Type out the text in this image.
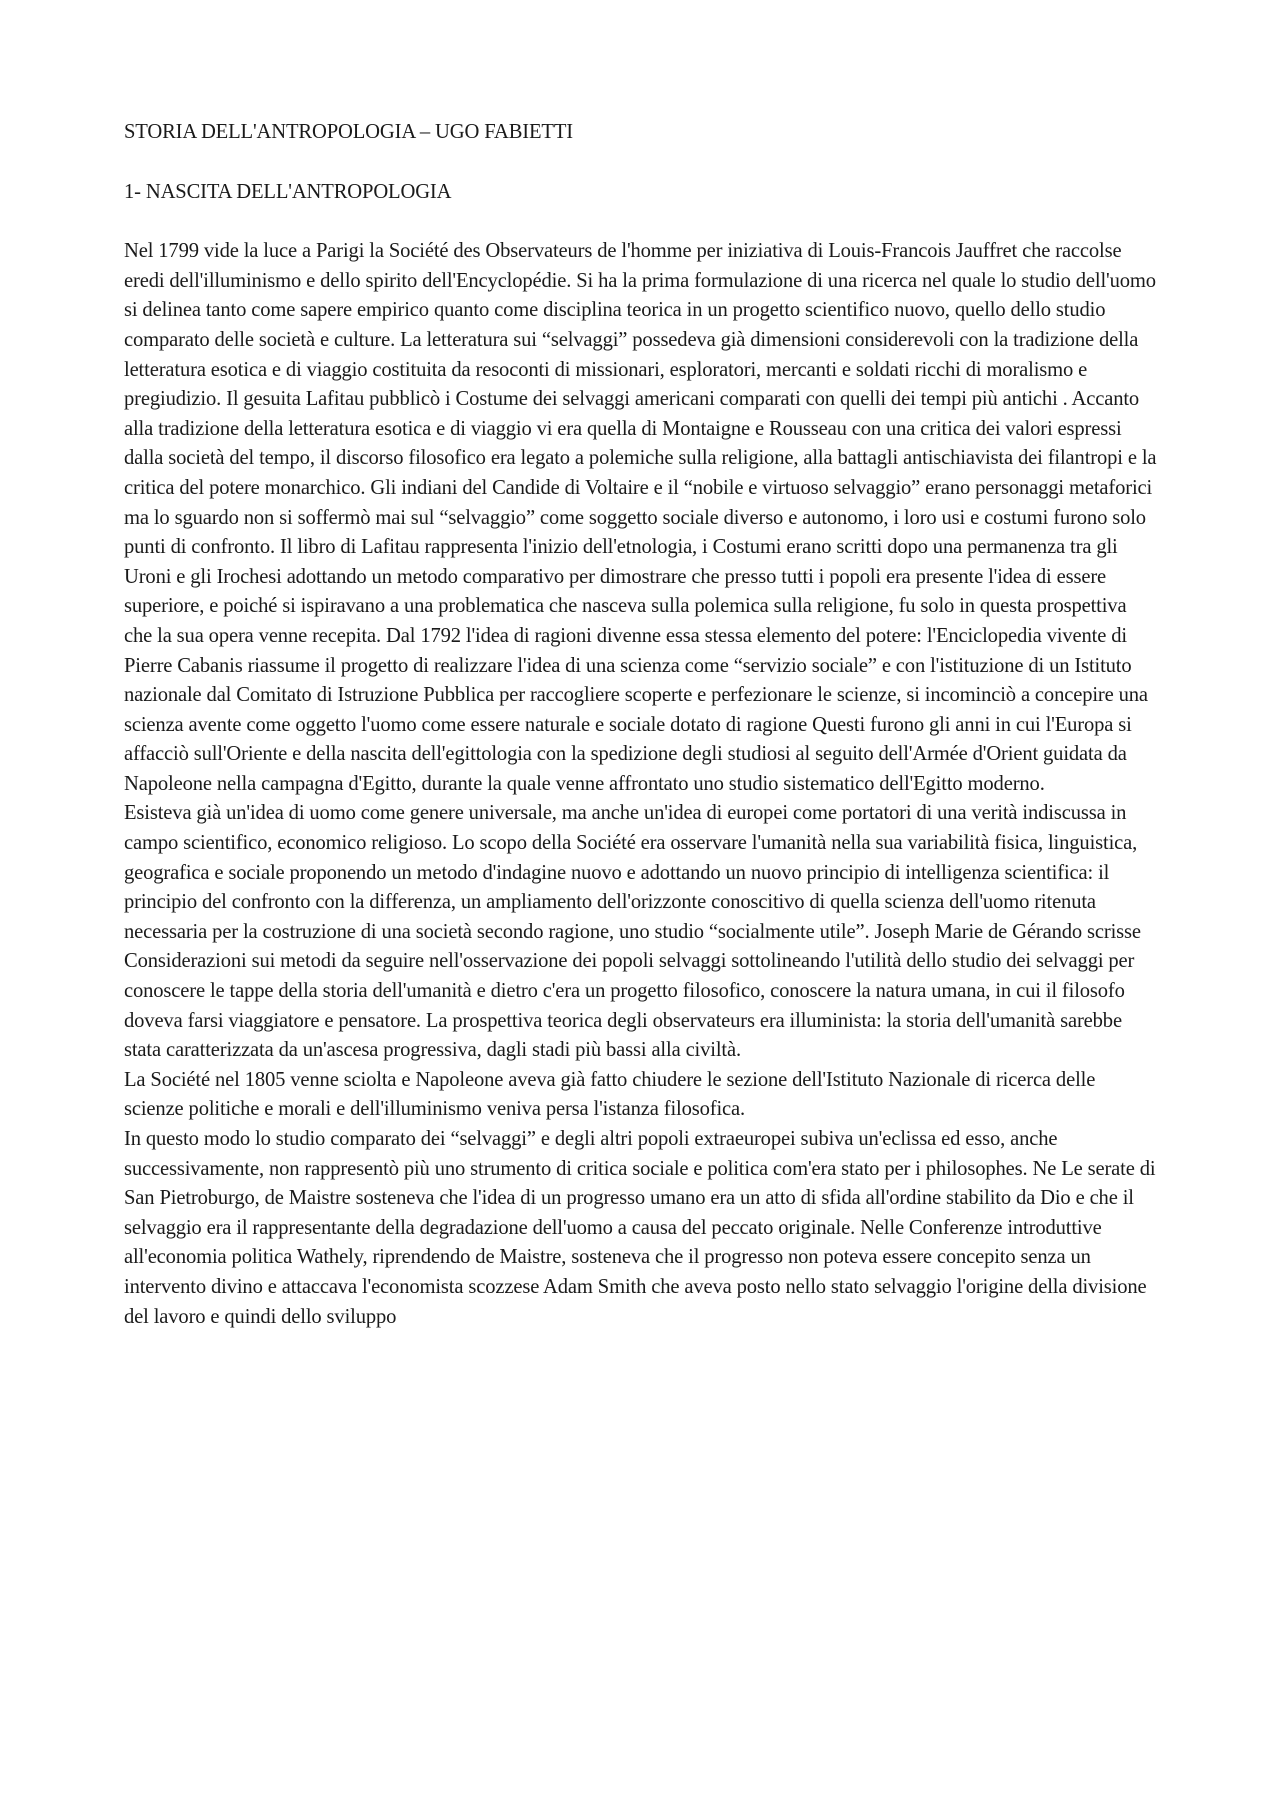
STORIA DELL'ANTROPOLOGIA – UGO FABIETTI
1- NASCITA DELL'ANTROPOLOGIA

Nel 1799 vide la luce a Parigi la Société des Observateurs de l'homme per iniziativa di Louis-Francois Jauffret che raccolse eredi dell'illuminismo e dello spirito dell'Encyclopédie. Si ha la prima formulazione di una ricerca nel quale lo studio dell'uomo si delinea tanto come sapere empirico quanto come disciplina teorica in un progetto scientifico nuovo, quello dello studio comparato delle società e culture. La letteratura sui “selvaggi” possedeva già dimensioni considerevoli con la tradizione della letteratura esotica e di viaggio costituita da resoconti di missionari, esploratori, mercanti e soldati ricchi di moralismo e pregiudizio. Il gesuita Lafitau pubblicò i Costume dei selvaggi americani comparati con quelli dei tempi più antichi . Accanto alla tradizione della letteratura esotica e di viaggio vi era quella di Montaigne e Rousseau con una critica dei valori espressi dalla società del tempo, il discorso filosofico era legato a polemiche sulla religione, alla battagli antischiavista dei filantropi e la critica del potere monarchico. Gli indiani del Candide di Voltaire e il “nobile e virtuoso selvaggio” erano personaggi metaforici ma lo sguardo non si soffermò mai sul “selvaggio” come soggetto sociale diverso e autonomo, i loro usi e costumi furono solo punti di confronto. Il libro di Lafitau rappresenta l'inizio dell'etnologia, i Costumi erano scritti dopo una permanenza tra gli Uroni e gli Irochesi adottando un metodo comparativo per dimostrare che presso tutti i popoli era presente l'idea di essere superiore, e poiché si ispiravano a una problematica che nasceva sulla polemica sulla religione, fu solo in questa prospettiva che la sua opera venne recepita. Dal 1792 l'idea di ragioni divenne essa stessa elemento del potere: l'Enciclopedia vivente di Pierre Cabanis riassume il progetto di realizzare l'idea di una scienza come “servizio sociale” e con l'istituzione di un Istituto nazionale dal Comitato di Istruzione Pubblica per raccogliere scoperte e perfezionare le scienze, si incominciò a concepire una scienza avente come oggetto l'uomo come essere naturale e sociale dotato di ragione Questi furono gli anni in cui l'Europa si affacciò sull'Oriente e della nascita dell'egittologia con la spedizione degli studiosi al seguito dell'Armée d'Orient guidata da Napoleone nella campagna d'Egitto, durante la quale venne affrontato uno studio sistematico dell'Egitto moderno.

Esisteva già un'idea di uomo come genere universale, ma anche un'idea di europei come portatori di una verità indiscussa in campo scientifico, economico religioso. Lo scopo della Société era osservare l'umanità nella sua variabilità fisica, linguistica, geografica e sociale proponendo un metodo d'indagine nuovo e adottando un nuovo principio di intelligenza scientifica: il principio del confronto con la differenza, un ampliamento dell'orizzonte conoscitivo di quella scienza dell'uomo ritenuta necessaria per la costruzione di una società secondo ragione, uno studio “socialmente utile”. Joseph Marie de Gérando scrisse Considerazioni sui metodi da seguire nell'osservazione dei popoli selvaggi sottolineando l'utilità dello studio dei selvaggi per conoscere le tappe della storia dell'umanità e dietro c'era un progetto filosofico, conoscere la natura umana, in cui il filosofo doveva farsi viaggiatore e pensatore. La prospettiva teorica degli observateurs era illuminista: la storia dell'umanità sarebbe stata caratterizzata da un'ascesa progressiva, dagli stadi più bassi alla civiltà.

La Société nel 1805 venne sciolta e Napoleone aveva già fatto chiudere le sezione dell'Istituto Nazionale di ricerca delle scienze politiche e morali e dell'illuminismo veniva persa l'istanza filosofica.

In questo modo lo studio comparato dei “selvaggi” e degli altri popoli extraeuropei subiva un'eclissa ed esso, anche successivamente, non rappresentò più uno strumento di critica sociale e politica com'era stato per i philosophes. Ne Le serate di San Pietroburgo, de Maistre sosteneva che l'idea di un progresso umano era un atto di sfida all'ordine stabilito da Dio e che il selvaggio era il rappresentante della degradazione dell'uomo a causa del peccato originale. Nelle Conferenze introduttive all'economia politica Wathely, riprendendo de Maistre, sosteneva che il progresso non poteva essere concepito senza un intervento divino e attaccava l'economista scozzese Adam Smith che aveva posto nello stato selvaggio l'origine della divisione del lavoro e quindi dello sviluppo
